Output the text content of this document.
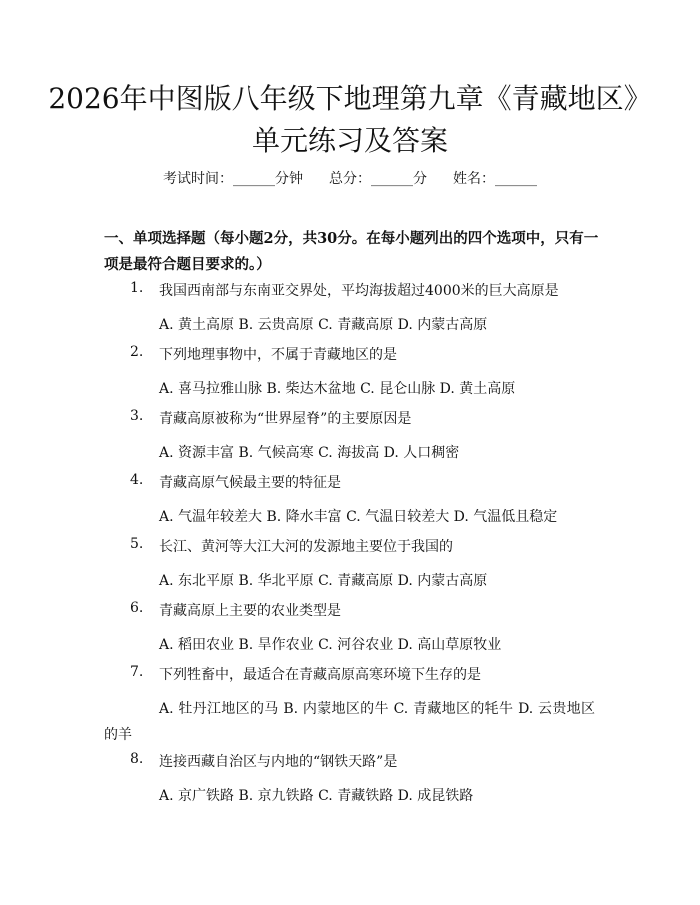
2026年中图版八年级下地理第九章《青藏地区》单元练习及答案
考试时间：______分钟 总分：______分 姓名：______

一、单项选择题（每小题2分，共30分。在每小题列出的四个选项中，只有一项是最符合题目要求的。）

1. 我国西南部与东南亚交界处，平均海拔超过4000米的巨大高原是
A. 黄土高原 B. 云贵高原 C. 青藏高原 D. 内蒙古高原
2. 下列地理事物中，不属于青藏地区的是
A. 喜马拉雅山脉 B. 柴达木盆地 C. 昆仑山脉 D. 黄土高原
3. 青藏高原被称为“世界屋脊”的主要原因是
A. 资源丰富 B. 气候高寒 C. 海拔高 D. 人口稠密
4. 青藏高原气候最主要的特征是
A. 气温年较差大 B. 降水丰富 C. 气温日较差大 D. 气温低且稳定
5. 长江、黄河等大江大河的发源地主要位于我国的
A. 东北平原 B. 华北平原 C. 青藏高原 D. 内蒙古高原
6. 青藏高原上主要的农业类型是
A. 稻田农业 B. 旱作农业 C. 河谷农业 D. 高山草原牧业
7. 下列牲畜中，最适合在青藏高原高寒环境下生存的是
A. 牡丹江地区的马 B. 内蒙地区的牛 C. 青藏地区的牦牛 D. 云贵地区
的羊
8. 连接西藏自治区与内地的“钢铁天路”是
A. 京广铁路 B. 京九铁路 C. 青藏铁路 D. 成昆铁路
